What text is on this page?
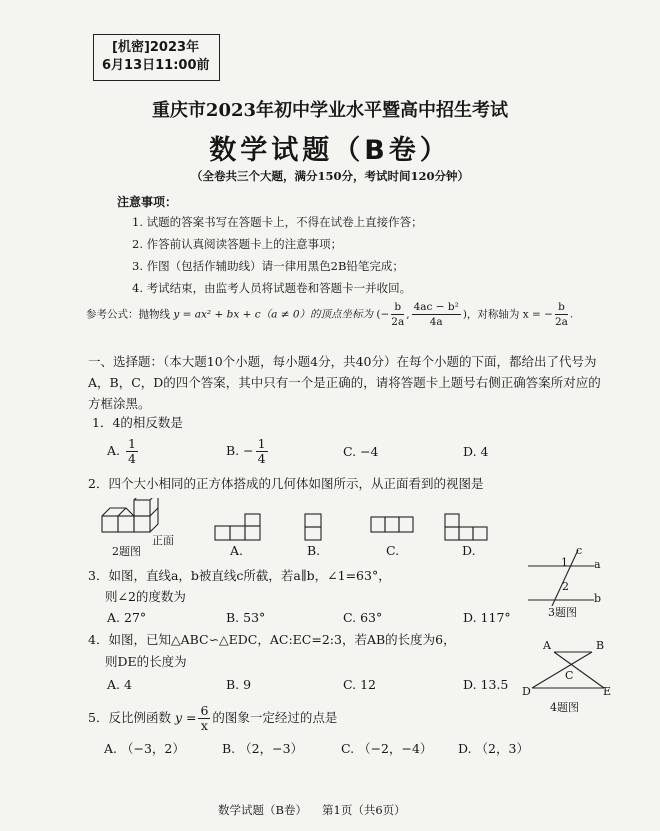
[机密]2023年
6月13日11:00前
重庆市2023年初中学业水平暨高中招生考试
数学试题（B卷）
（全卷共三个大题，满分150分，考试时间120分钟）
注意事项：
1. 试题的答案书写在答题卡上，不得在试卷上直接作答；
2. 作答前认真阅读答题卡上的注意事项；
3. 作图（包括作辅助线）请一律用黑色2B铅笔完成；
4. 考试结束，由监考人员将试题卷和答题卡一并收回。
参考公式：抛物线 y = ax² + bx + c（a ≠ 0）的顶点坐标为 (− $\frac{b}{2a}$ , $\frac{\text{4ac − b²}}{4a}$ )，对称轴为 x = − $\frac{b}{2a}$ .
一、选择题：（本大题10个小题，每小题4分，共40分）在每个小题的下面，都给出了代号为A，B，C，D的四个答案，其中只有一个是正确的，请将答题卡上题号右侧正确答案所对应的方框涂黑。
1．4的相反数是
A. $\frac{1}{4}$	B. − $\frac{1}{4}$	C. −4	D. 4
2．四个大小相同的正方体搭成的几何体如图所示，从正面看到的视图是
正面
2题图	A.	B.	C.	D.
3．如图，直线a，b被直线c所截，若a∥b，∠1=63°，
则∠2的度数为
A. 27°	B. 53°	C. 63°	D. 117°
c
a
b
1
2
3题图
4．如图，已知△ABC∽△EDC，AC:EC=2:3，若AB的长度为6，
则DE的长度为
A. 4	B. 9	C. 12	D. 13.5
A	B
C
D	E
4题图
5．反比例函数 $y = \frac{6}{x}$ 的图象一定经过的点是
A. （−3，2）	B. （2，−3）	C. （−2，−4） D. （2，3）
数学试题（B卷） 第1页（共6页）
